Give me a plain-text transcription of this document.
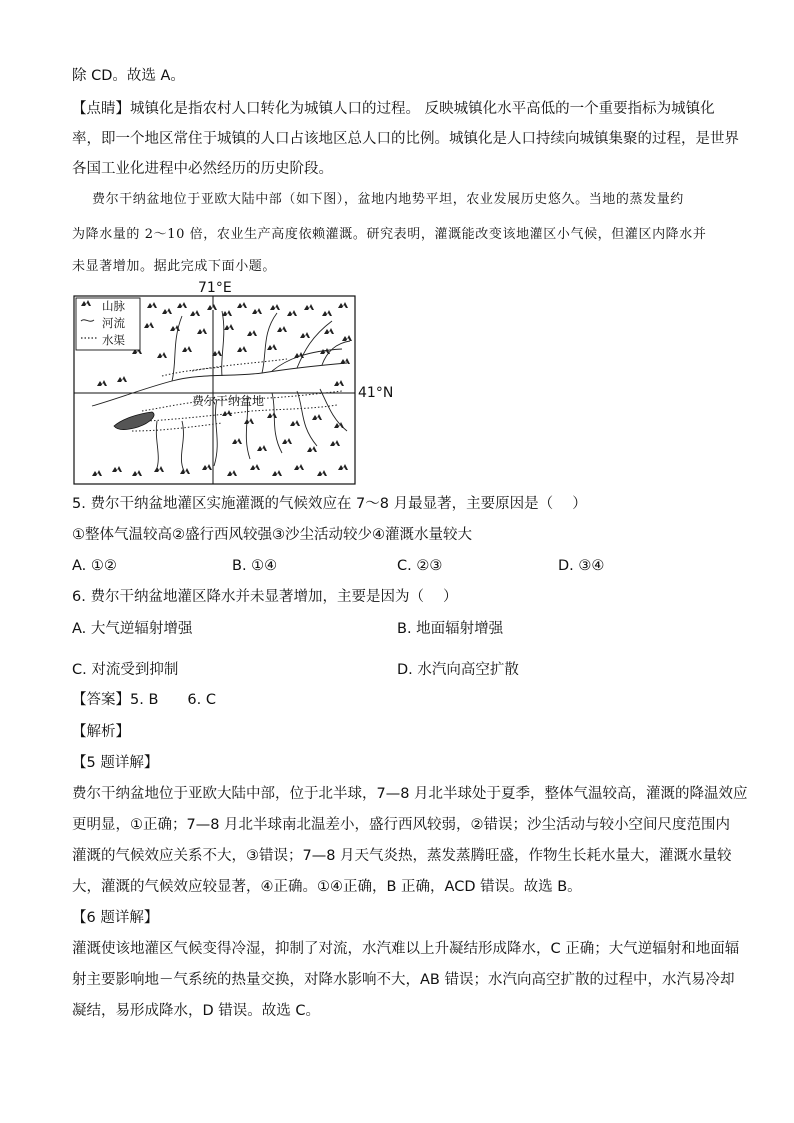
除 CD。故选 A。
【点睛】城镇化是指农村人口转化为城镇人口的过程。 反映城镇化水平高低的一个重要指标为城镇化
率，即一个地区常住于城镇的人口占该地区总人口的比例。城镇化是人口持续向城镇集聚的过程，是世界
各国工业化进程中必然经历的历史阶段。
费尔干纳盆地位于亚欧大陆中部（如下图），盆地内地势平坦，农业发展历史悠久。当地的蒸发量约
为降水量的 2～10 倍，农业生产高度依赖灌溉。研究表明，灌溉能改变该地灌区小气候，但灌区内降水并
未显著增加。据此完成下面小题。
山脉
河流
水渠
71°E
41°N
费尔干纳盆地
5. 费尔干纳盆地灌区实施灌溉的气候效应在 7～8 月最显著，主要原因是（　 ）
①整体气温较高②盛行西风较强③沙尘活动较少④灌溉水量较大
A. ①②	B. ①④	C. ②③	D. ③④
6. 费尔干纳盆地灌区降水并未显著增加，主要是因为（　 ）
A. 大气逆辐射增强	B. 地面辐射增强
C. 对流受到抑制	D. 水汽向高空扩散
【答案】5. B　　6. C
【解析】
【5 题详解】
费尔干纳盆地位于亚欧大陆中部，位于北半球，7—8 月北半球处于夏季，整体气温较高，灌溉的降温效应
更明显，①正确；7—8 月北半球南北温差小，盛行西风较弱，②错误；沙尘活动与较小空间尺度范围内
灌溉的气候效应关系不大，③错误；7—8 月天气炎热，蒸发蒸腾旺盛，作物生长耗水量大，灌溉水量较
大，灌溉的气候效应较显著，④正确。①④正确，B 正确，ACD 错误。故选 B。
【6 题详解】
灌溉使该地灌区气候变得冷湿，抑制了对流，水汽难以上升凝结形成降水，C 正确；大气逆辐射和地面辐
射主要影响地－气系统的热量交换，对降水影响不大，AB 错误；水汽向高空扩散的过程中，水汽易冷却
凝结，易形成降水，D 错误。故选 C。
